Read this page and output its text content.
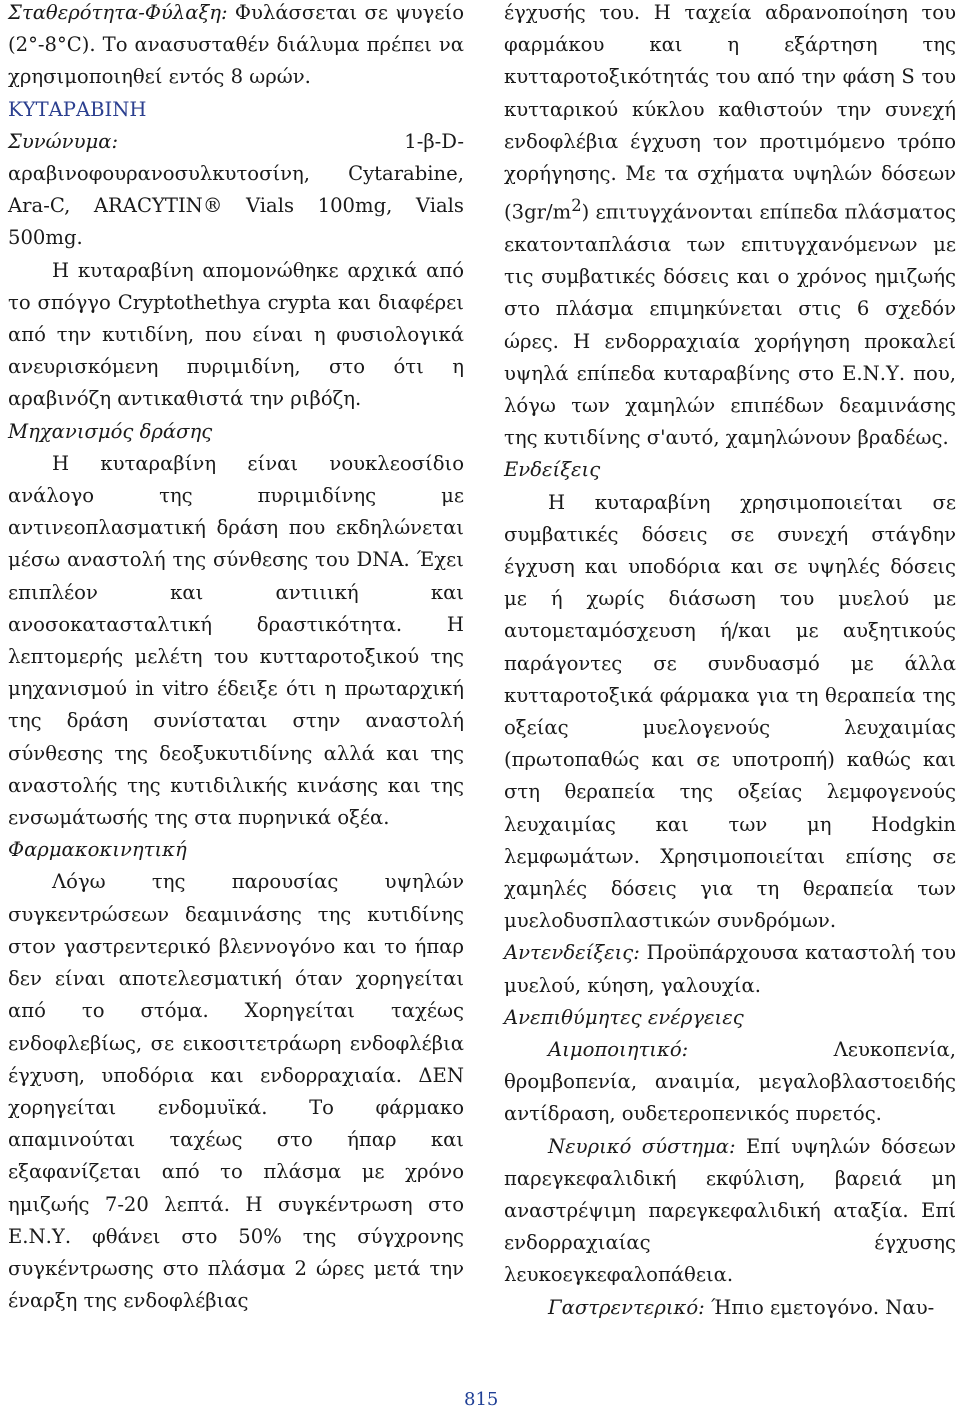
Σταθερότητα-Φύλαξη: Φυλάσσεται σε ψυγείο (2°-8°C). Το ανασυσταθέν διάλυμα πρέπει να χρησιμοποιηθεί εντός 8 ωρών.

ΚΥΤΑΡΑΒΙΝΗ

Συνώνυμα: 1-β-D-αραβινοφουρανοσυλκυτοσίνη, Cytarabine, Ara-C, ARACYTIN® Vials 100mg, Vials 500mg.

Η κυταραβίνη απομονώθηκε αρχικά από το σπόγγο Cryptothethya crypta και διαφέρει από την κυτιδίνη, που είναι η φυσιολογικά ανευρισκόμενη πυριμιδίνη, στο ότι η αραβινόζη αντικαθιστά την ριβόζη.

Μηχανισμός δράσης

Η κυταραβίνη είναι νουκλεοσίδιο ανάλογο της πυριμιδίνης με αντινεοπλασματική δράση που εκδηλώνεται μέσω αναστολή της σύνθεσης του DNA. Έχει επιπλέον και αντιιική και ανοσοκατασταλτική δραστικότητα. Η λεπτομερής μελέτη του κυτταροτοξικού της μηχανισμού in vitro έδειξε ότι η πρωταρχική της δράση συνίσταται στην αναστολή σύνθεσης της δεοξυκυτιδίνης αλλά και της αναστολής της κυτιδιλικής κινάσης και της ενσωμάτωσής της στα πυρηνικά οξέα.

Φαρμακοκινητική

Λόγω της παρουσίας υψηλών συγκεντρώσεων δεαμινάσης της κυτιδίνης στον γαστρεντερικό βλεννογόνο και το ήπαρ δεν είναι αποτελεσματική όταν χορηγείται από το στόμα. Χορηγείται ταχέως ενδοφλεβίως, σε εικοσιτετράωρη ενδοφλέβια έγχυση, υποδόρια και ενδορραχιαία. ΔΕΝ χορηγείται ενδομυϊκά. Το φάρμακο απαμινούται ταχέως στο ήπαρ και εξαφανίζεται από το πλάσμα με χρόνο ημιζωής 7-20 λεπτά. Η συγκέντρωση στο Ε.Ν.Υ. φθάνει στο 50% της σύγχρονης συγκέντρωσης στο πλάσμα 2 ώρες μετά την έναρξη της ενδοφλέβιας

έγχυσής του. Η ταχεία αδρανοποίηση του φαρμάκου και η εξάρτηση της κυτταροτοξικότητάς του από την φάση S του κυτταρικού κύκλου καθιστούν την συνεχή ενδοφλέβια έγχυση τον προτιμόμενο τρόπο χορήγησης. Με τα σχήματα υψηλών δόσεων $(3gr/m^2)$ επιτυγχάνονται επίπεδα πλάσματος εκατονταπλάσια των επιτυγχανόμενων με τις συμβατικές δόσεις και ο χρόνος ημιζωής στο πλάσμα επιμηκύνεται στις 6 σχεδόν ώρες. Η ενδορραχιαία χορήγηση προκαλεί υψηλά επίπεδα κυταραβίνης στο Ε.Ν.Υ. που, λόγω των χαμηλών επιπέδων δεαμινάσης της κυτιδίνης σ'αυτό, χαμηλώνουν βραδέως.

Ενδείξεις

Η κυταραβίνη χρησιμοποιείται σε συμβατικές δόσεις σε συνεχή στάγδην έγχυση και υποδόρια και σε υψηλές δόσεις με ή χωρίς διάσωση του μυελού με αυτομεταμόσχευση ή/και με αυξητικούς παράγοντες σε συνδυασμό με άλλα κυτταροτοξικά φάρμακα για τη θεραπεία της οξείας μυελογενούς λευχαιμίας (πρωτοπαθώς και σε υποτροπή) καθώς και στη θεραπεία της οξείας λεμφογενούς λευχαιμίας και των μη Hodgkin λεμφωμάτων. Χρησιμοποιείται επίσης σε χαμηλές δόσεις για τη θεραπεία των μυελοδυσπλαστικών συνδρόμων.

Αντενδείξεις: Προϋπάρχουσα καταστολή του μυελού, κύηση, γαλουχία.

Ανεπιθύμητες ενέργειες

Αιμοποιητικό: Λευκοπενία, θρομβοπενία, αναιμία, μεγαλοβλαστοειδής αντίδραση, ουδετεροπενικός πυρετός.

Νευρικό σύστημα: Επί υψηλών δόσεων παρεγκεφαλιδική εκφύλιση, βαρειά μη αναστρέψιμη παρεγκεφαλιδική αταξία. Επί ενδορραχιαίας έγχυσης λευκοεγκεφαλοπάθεια.

Γαστρεντερικό: Ήπιο εμετογόνο. Ναυ-

815
